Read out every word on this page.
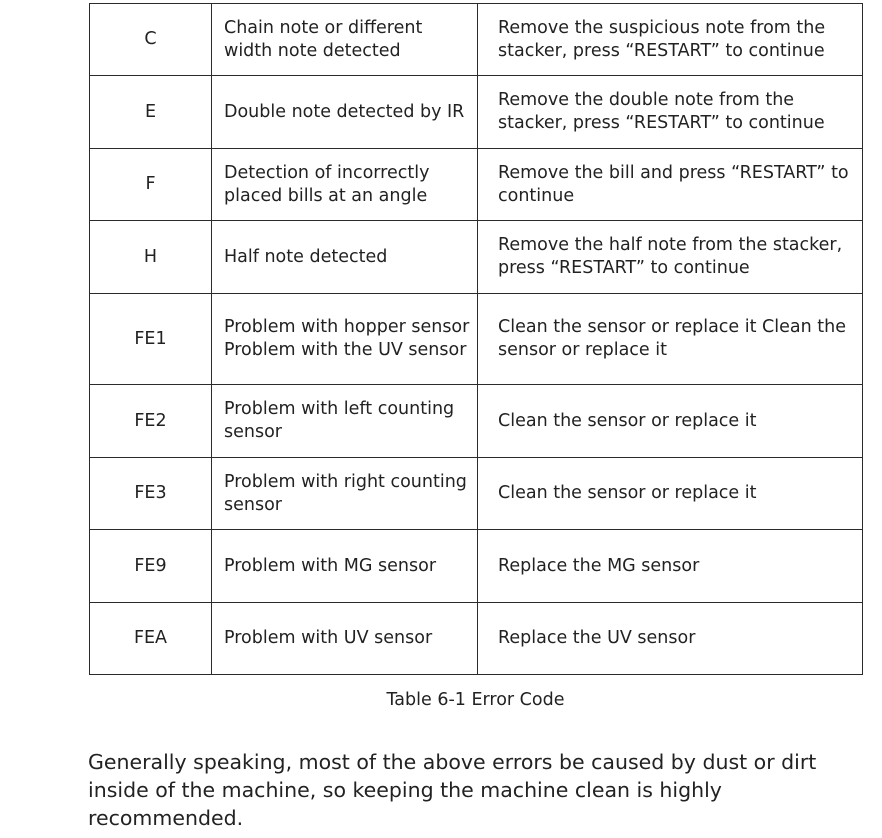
C	Chain note or different width note detected	Remove the suspicious note from the stacker, press “RESTART” to continue
E	Double note detected by IR	Remove the double note from the stacker, press “RESTART” to continue
F	Detection of incorrectly placed bills at an angle	Remove the bill and press “RESTART” to continue
H	Half note detected	Remove the half note from the stacker, press “RESTART” to continue
FE1	Problem with hopper sensor Problem with the UV sensor	Clean the sensor or replace it Clean the sensor or replace it
FE2	Problem with left counting sensor	Clean the sensor or replace it
FE3	Problem with right counting sensor	Clean the sensor or replace it
FE9	Problem with MG sensor	Replace the MG sensor
FEA	Problem with UV sensor	Replace the UV sensor
Table 6-1 Error Code
Generally speaking, most of the above errors be caused by dust or dirt inside of the machine, so keeping the machine clean is highly recommended.
